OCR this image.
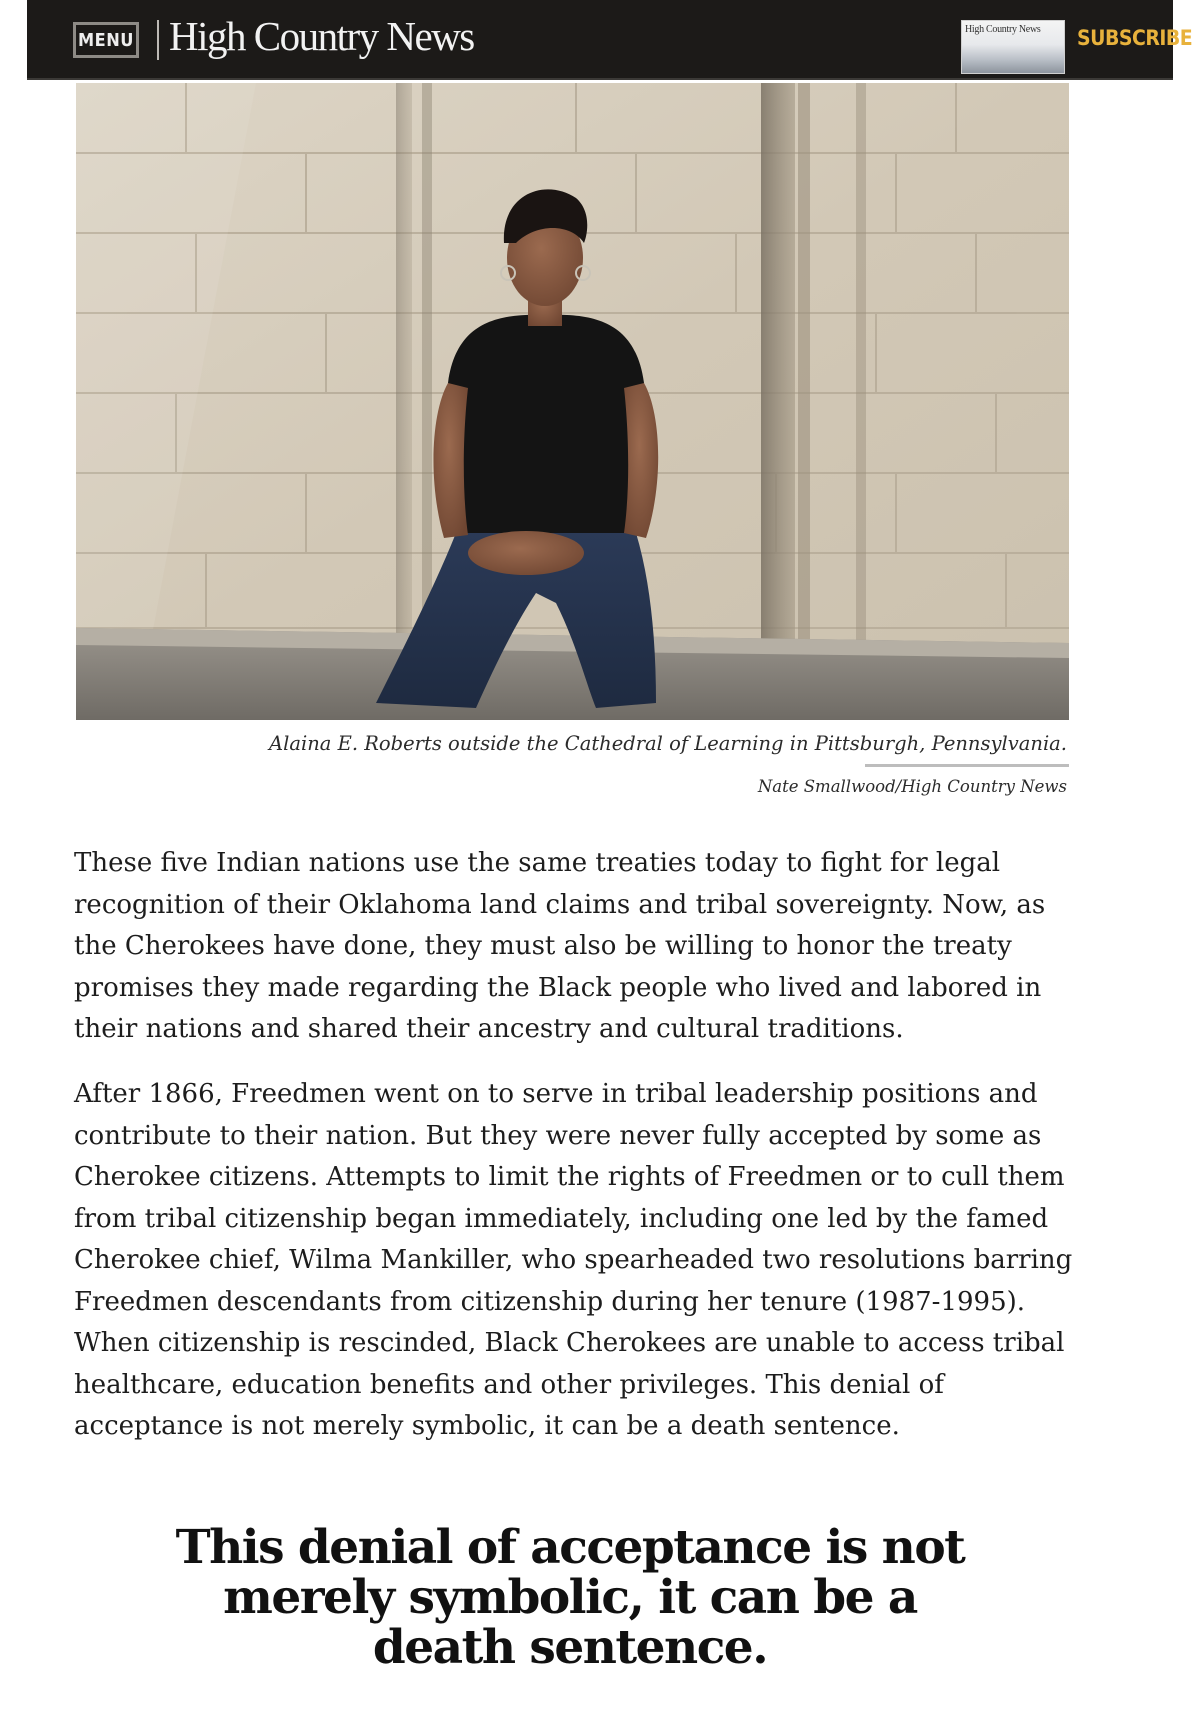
MENU High Country News	High Country News SUBSCRIBE
Alaina E. Roberts outside the Cathedral of Learning in Pittsburgh, Pennsylvania.
Nate Smallwood/High Country News

These five Indian nations use the same treaties today to fight for legal recognition of their Oklahoma land claims and tribal sovereignty. Now, as the Cherokees have done, they must also be willing to honor the treaty promises they made regarding the Black people who lived and labored in their nations and shared their ancestry and cultural traditions.

After 1866, Freedmen went on to serve in tribal leadership positions and contribute to their nation. But they were never fully accepted by some as Cherokee citizens. Attempts to limit the rights of Freedmen or to cull them from tribal citizenship began immediately, including one led by the famed Cherokee chief, Wilma Mankiller, who spearheaded two resolutions barring Freedmen descendants from citizenship during her tenure (1987-1995). When citizenship is rescinded, Black Cherokees are unable to access tribal healthcare, education benefits and other privileges. This denial of acceptance is not merely symbolic, it can be a death sentence.

This denial of acceptance is not merely symbolic, it can be a death sentence.
